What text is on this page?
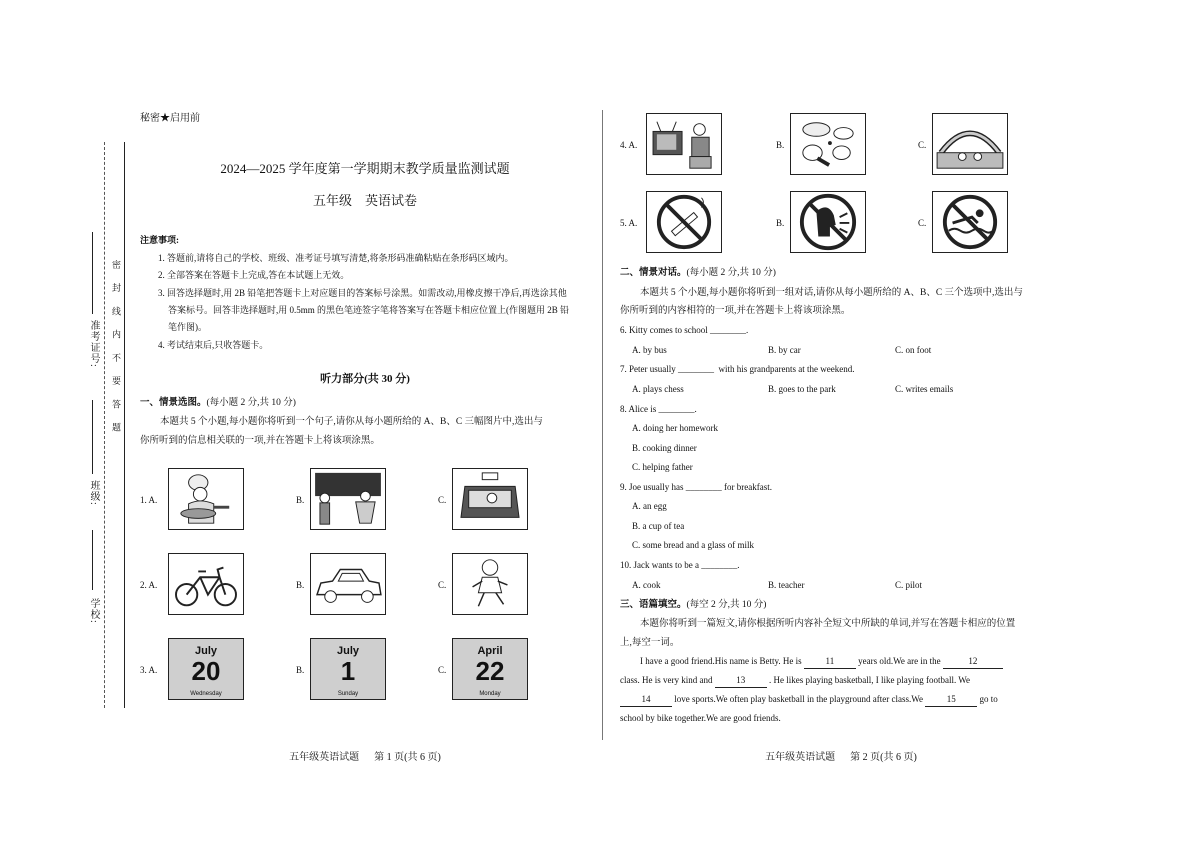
秘密★启用前
学校:
班级:
准考证号: 密 封 线 内 不 要 答 题
2024—2025 学年度第一学期期末教学质量监测试题
五年级    英语试卷
注意事项:
1. 答题前,请将自己的学校、班级、准考证号填写清楚,将条形码准确粘贴在条形码区域内。
2. 全部答案在答题卡上完成,答在本试题上无效。
3. 回答选择题时,用 2B 铅笔把答题卡上对应题目的答案标号涂黑。如需改动,用橡皮擦干净后,再选涂其他
答案标号。回答非选择题时,用 0.5mm 的黑色笔迹签字笔将答案写在答题卡相应位置上(作图题用 2B 铅
笔作图)。
4. 考试结束后,只收答题卡。
听力部分(共 30 分)
一、情景选图。(每小题 2 分,共 10 分)
本题共 5 个小题,每小题你将听到一个句子,请你从每小题所给的 A、B、C 三幅图片中,选出与
你所听到的信息相关联的一项,并在答题卡上将该项涂黑。
1. A.	B.	C.
2. A.	B.	C.
3. A.
July
20
Wednesday
B.
July
1
Sunday
C.
April
22
Monday
五年级英语试题      第 1 页(共 6 页)
4. A.	B.	C.
5. A.	B.	C.
二、情景对话。(每小题 2 分,共 10 分)
本题共 5 个小题,每小题你将听到一组对话,请你从每小题所给的 A、B、C 三个选项中,选出与
你所听到的内容相符的一项,并在答题卡上将该项涂黑。
6. Kitty comes to school ________.
A. by bus	B. by car	C. on foot
7. Peter usually ________  with his grandparents at the weekend.
A. plays chess	B. goes to the park	C. writes emails
8. Alice is ________.
A. doing her homework
B. cooking dinner
C. helping father
9. Joe usually has ________ for breakfast.
A. an egg
B. a cup of tea
C. some bread and a glass of milk
10. Jack wants to be a ________.
A. cook	B. teacher	C. pilot
三、语篇填空。(每空 2 分,共 10 分)
本题你将听到一篇短文,请你根据所听内容补全短文中所缺的单词,并写在答题卡相应的位置
上,每空一词。
I have a good friend.His name is Betty. He is	11	years old.We are in the	12
class. He is very kind and	13	. He likes playing basketball, I like playing football. We
14	love sports.We often play basketball in the playground after class.We	15	go to
school by bike together.We are good friends.
五年级英语试题      第 2 页(共 6 页)
